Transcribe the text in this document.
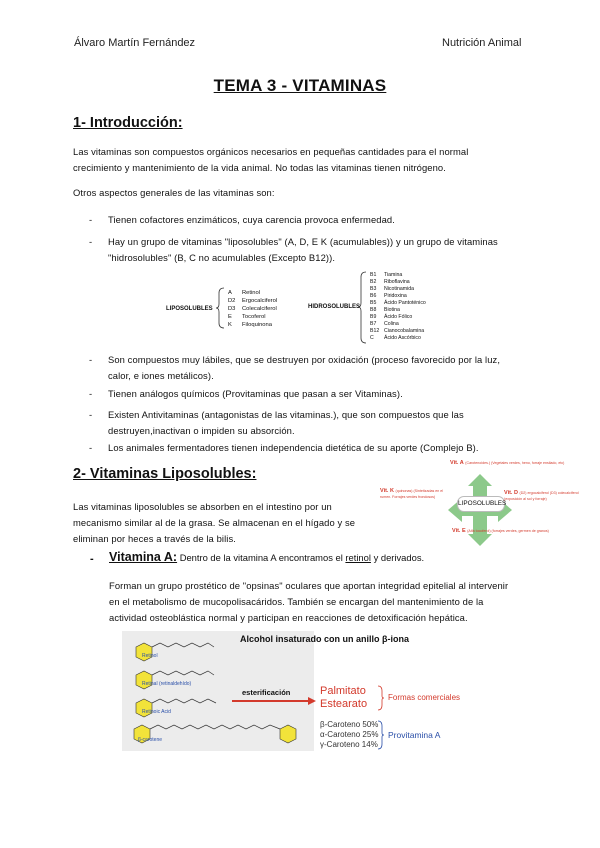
Álvaro Martín Fernández	Nutrición Animal
TEMA 3 - VITAMINAS
1- Introducción:
Las vitaminas son compuestos orgánicos necesarios en pequeñas cantidades para el normal
crecimiento y mantenimiento de la vida animal. No todas las vitaminas tienen nitrógeno.
Otros aspectos generales de las vitaminas son:
- Tienen cofactores enzimáticos, cuya carencia provoca enfermedad.
- Hay un grupo de vitaminas "liposolubles" (A, D, E K (acumulables)) y un grupo de vitaminas
"hidrosolubles" (B, C no acumulables (Excepto B12)).
LIPOSOLUBLES
A Retinol
D2 Ergocalciferol
D3 Colecalciferol
E Tocoferol
K Filoquinona
HIDROSOLUBLES
B1 Tiamina
B2 Riboflavina
B3 Nicotinamida
B6 Piridoxina
B5 Ácido Pantoténico
B8 Biotina
B9 Ácido Fólico
B7 Colina
B12 Cianocobalamina
C Ácido Ascórbico
- Son compuestos muy lábiles, que se destruyen por oxidación (proceso favorecido por la luz,
calor, e iones metálicos).
- Tienen análogos químicos (Provitaminas que pasan a ser Vitaminas).
- Existen Antivitaminas (antagonistas de las vitaminas.), que son compuestos que las
destruyen,inactivan o impiden su absorción.
- Los animales fermentadores tienen independencia dietética de su aporte (Complejo B).
2- Vitaminas Liposolubles:
Las vitaminas liposolubles se absorben en el intestino por un
mecanismo similar al de la grasa. Se almacenan en el hígado y se
eliminan por heces a través de la bilis.
LIPOSOLUBLES
Vit. A (Carotenoides.) (Vegetales verdes, heno, forraje ensilado, etc)
Vit. D (D2) ergocalciferol (D3) colecalciferol (exposición al sol y forraje)
Vit. K (quinonas) (Sintetizadas en el rumen. Forrajes verdes frondosos)
Vit. E (Alfa tocoferol) (forrajes verdes, germen de granos)
- Vitamina A: Dentro de la vitamina A encontramos el retinol y derivados.
Forman un grupo prostético de "opsinas" oculares que aportan integridad epitelial al intervenir
en el metabolismo de mucopolisacáridos. También se encargan del mantenimiento de la
actividad osteoblástica normal y participan en reacciones de detoxificación hepática.
Alcohol insaturado con un anillo β-iona
Retinol
Retinal (retinaldehído)
Retinoic Acid
β-carotene
esterificación	Palmitato
Estearato
Formas comerciales
β-Caroteno 50%
α-Caroteno 25%
γ-Caroteno 14%
Provitamina A
